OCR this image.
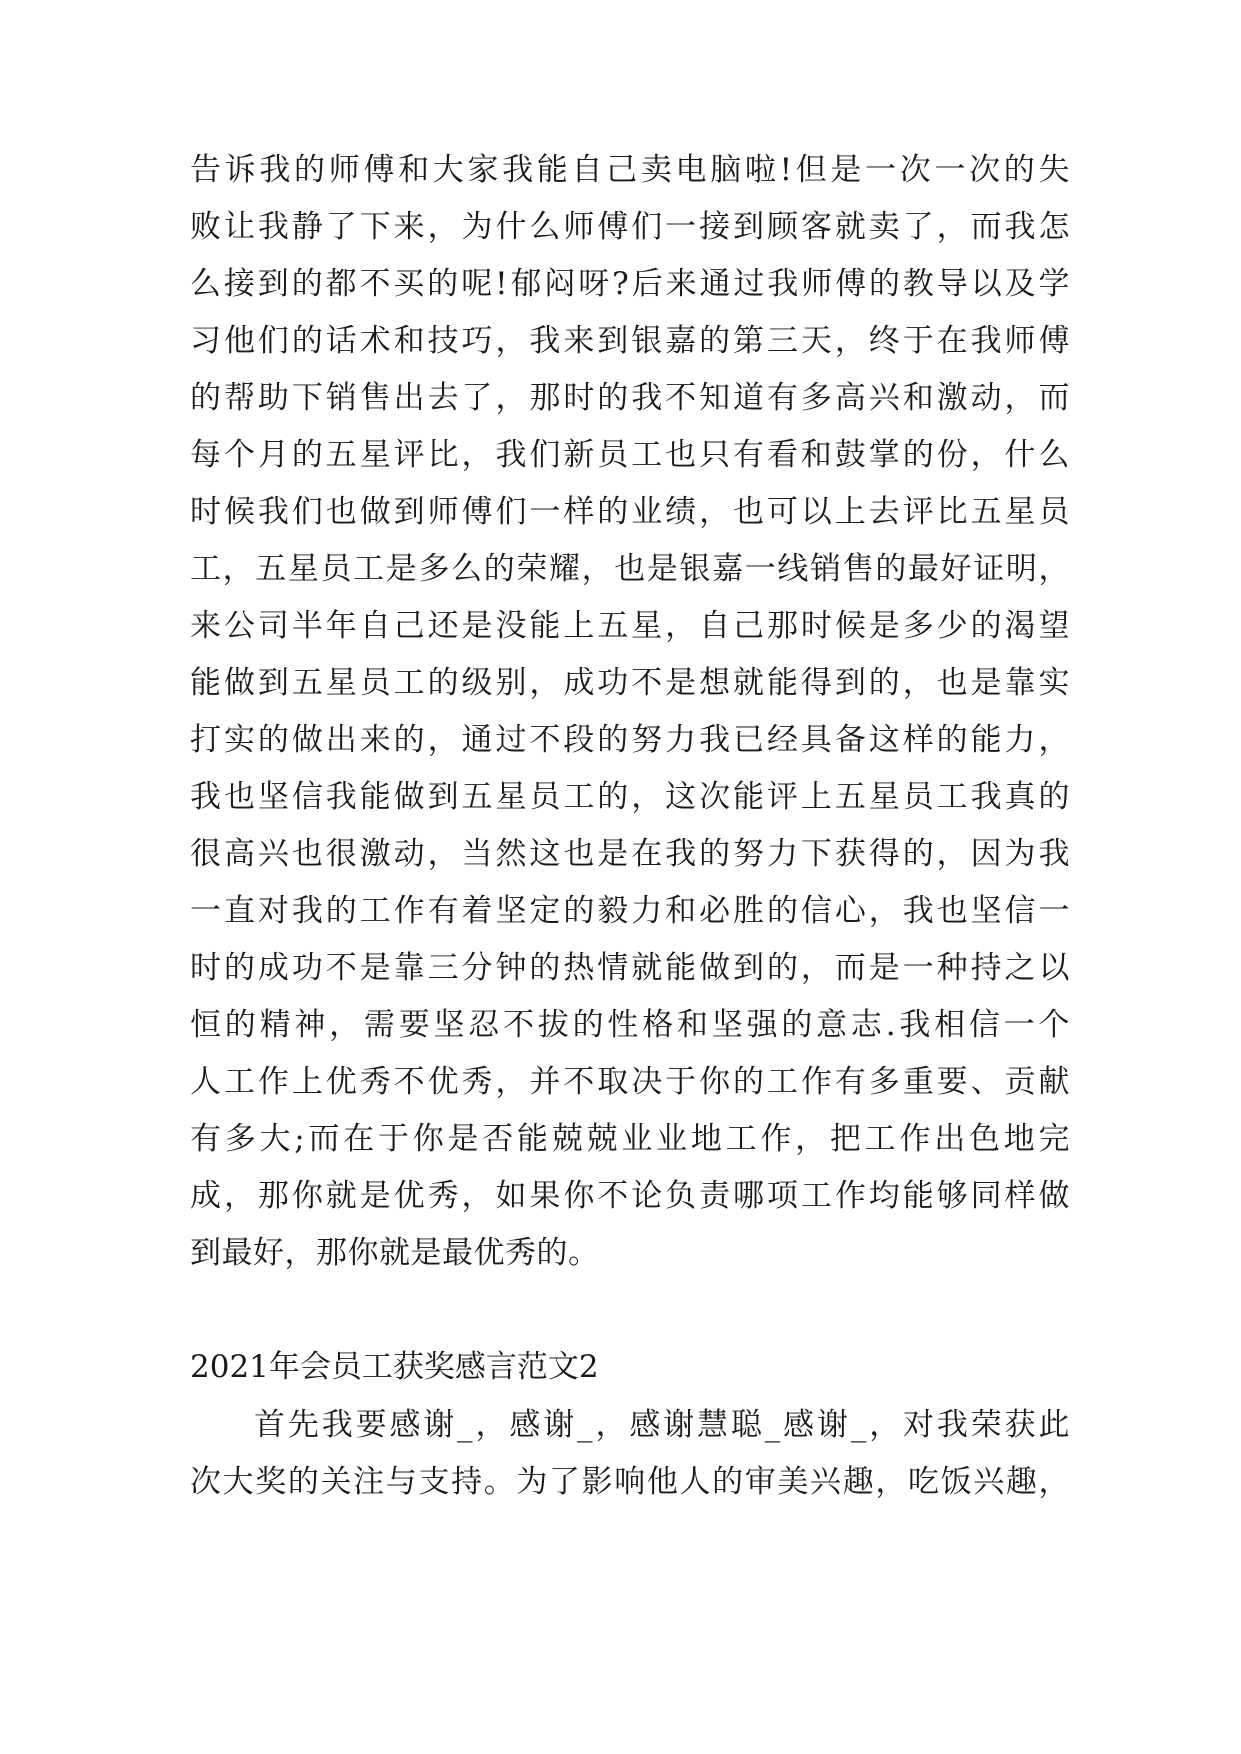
告诉我的师傅和大家我能自己卖电脑啦!但是一次一次的失
败让我静了下来，为什么师傅们一接到顾客就卖了，而我怎
么接到的都不买的呢!郁闷呀?后来通过我师傅的教导以及学
习他们的话术和技巧，我来到银嘉的第三天，终于在我师傅
的帮助下销售出去了，那时的我不知道有多高兴和激动，而
每个月的五星评比，我们新员工也只有看和鼓掌的份，什么
时候我们也做到师傅们一样的业绩，也可以上去评比五星员
工，五星员工是多么的荣耀，也是银嘉一线销售的最好证明，
来公司半年自己还是没能上五星，自己那时候是多少的渴望
能做到五星员工的级别，成功不是想就能得到的，也是靠实
打实的做出来的，通过不段的努力我已经具备这样的能力，
我也坚信我能做到五星员工的，这次能评上五星员工我真的
很高兴也很激动，当然这也是在我的努力下获得的，因为我
一直对我的工作有着坚定的毅力和必胜的信心，我也坚信一
时的成功不是靠三分钟的热情就能做到的，而是一种持之以
恒的精神，需要坚忍不拔的性格和坚强的意志.我相信一个
人工作上优秀不优秀，并不取决于你的工作有多重要、贡献
有多大;而在于你是否能兢兢业业地工作，把工作出色地完
成，那你就是优秀，如果你不论负责哪项工作均能够同样做
到最好，那你就是最优秀的。
2021年会员工获奖感言范文2
首先我要感谢_，感谢_，感谢慧聪_感谢_，对我荣获此
次大奖的关注与支持。为了影响他人的审美兴趣，吃饭兴趣，
